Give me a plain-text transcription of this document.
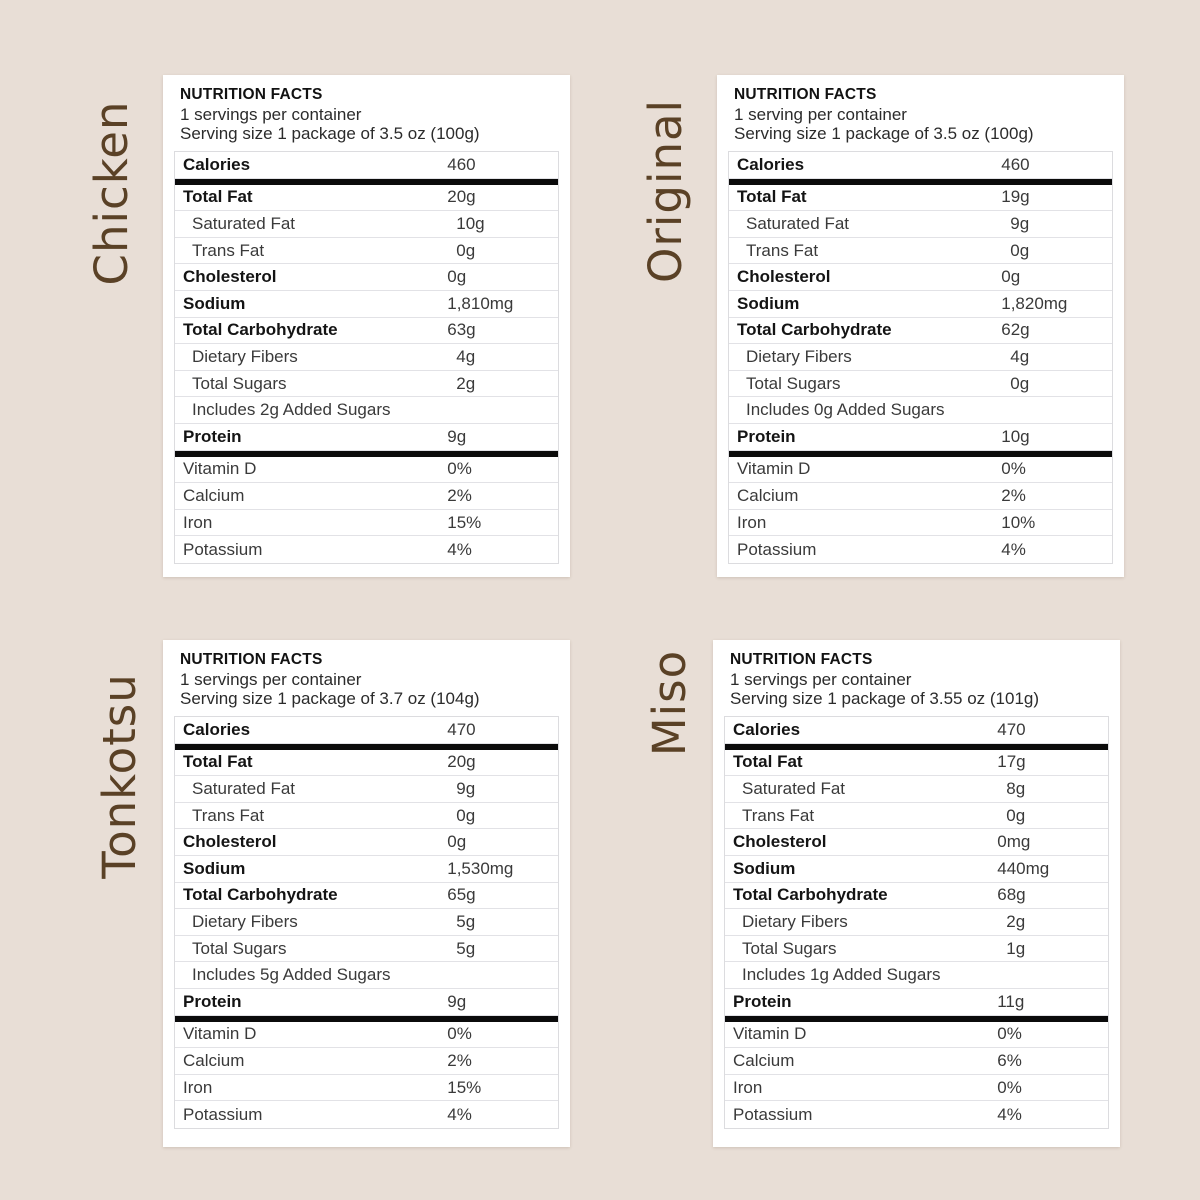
Chicken	Original
Tonkotsu	Miso
NUTRITION FACTS

1 servings per container

Serving size 1 package of 3.5 oz (100g)

Calories	460
Total Fat	20g
Saturated Fat	10g
Trans Fat	0g
Cholesterol	0g
Sodium	1,810mg
Total Carbohydrate	63g
Dietary Fibers	4g
Total Sugars	2g
Includes 2g Added Sugars
Protein	9g
Vitamin D	0%
Calcium	2%
Iron	15%
Potassium	4%
NUTRITION FACTS

1 serving per container

Serving size 1 package of 3.5 oz (100g)

Calories	460
Total Fat	19g
Saturated Fat	9g
Trans Fat	0g
Cholesterol	0g
Sodium	1,820mg
Total Carbohydrate	62g
Dietary Fibers	4g
Total Sugars	0g
Includes 0g Added Sugars
Protein	10g
Vitamin D	0%
Calcium	2%
Iron	10%
Potassium	4%
NUTRITION FACTS

1 servings per container

Serving size 1 package of 3.7 oz (104g)

Calories	470
Total Fat	20g
Saturated Fat	9g
Trans Fat	0g
Cholesterol	0g
Sodium	1,530mg
Total Carbohydrate	65g
Dietary Fibers	5g
Total Sugars	5g
Includes 5g Added Sugars
Protein	9g
Vitamin D	0%
Calcium	2%
Iron	15%
Potassium	4%
NUTRITION FACTS

1 servings per container

Serving size 1 package of 3.55 oz (101g)

Calories	470
Total Fat	17g
Saturated Fat	8g
Trans Fat	0g
Cholesterol	0mg
Sodium	440mg
Total Carbohydrate	68g
Dietary Fibers	2g
Total Sugars	1g
Includes 1g Added Sugars
Protein	11g
Vitamin D	0%
Calcium	6%
Iron	0%
Potassium	4%
